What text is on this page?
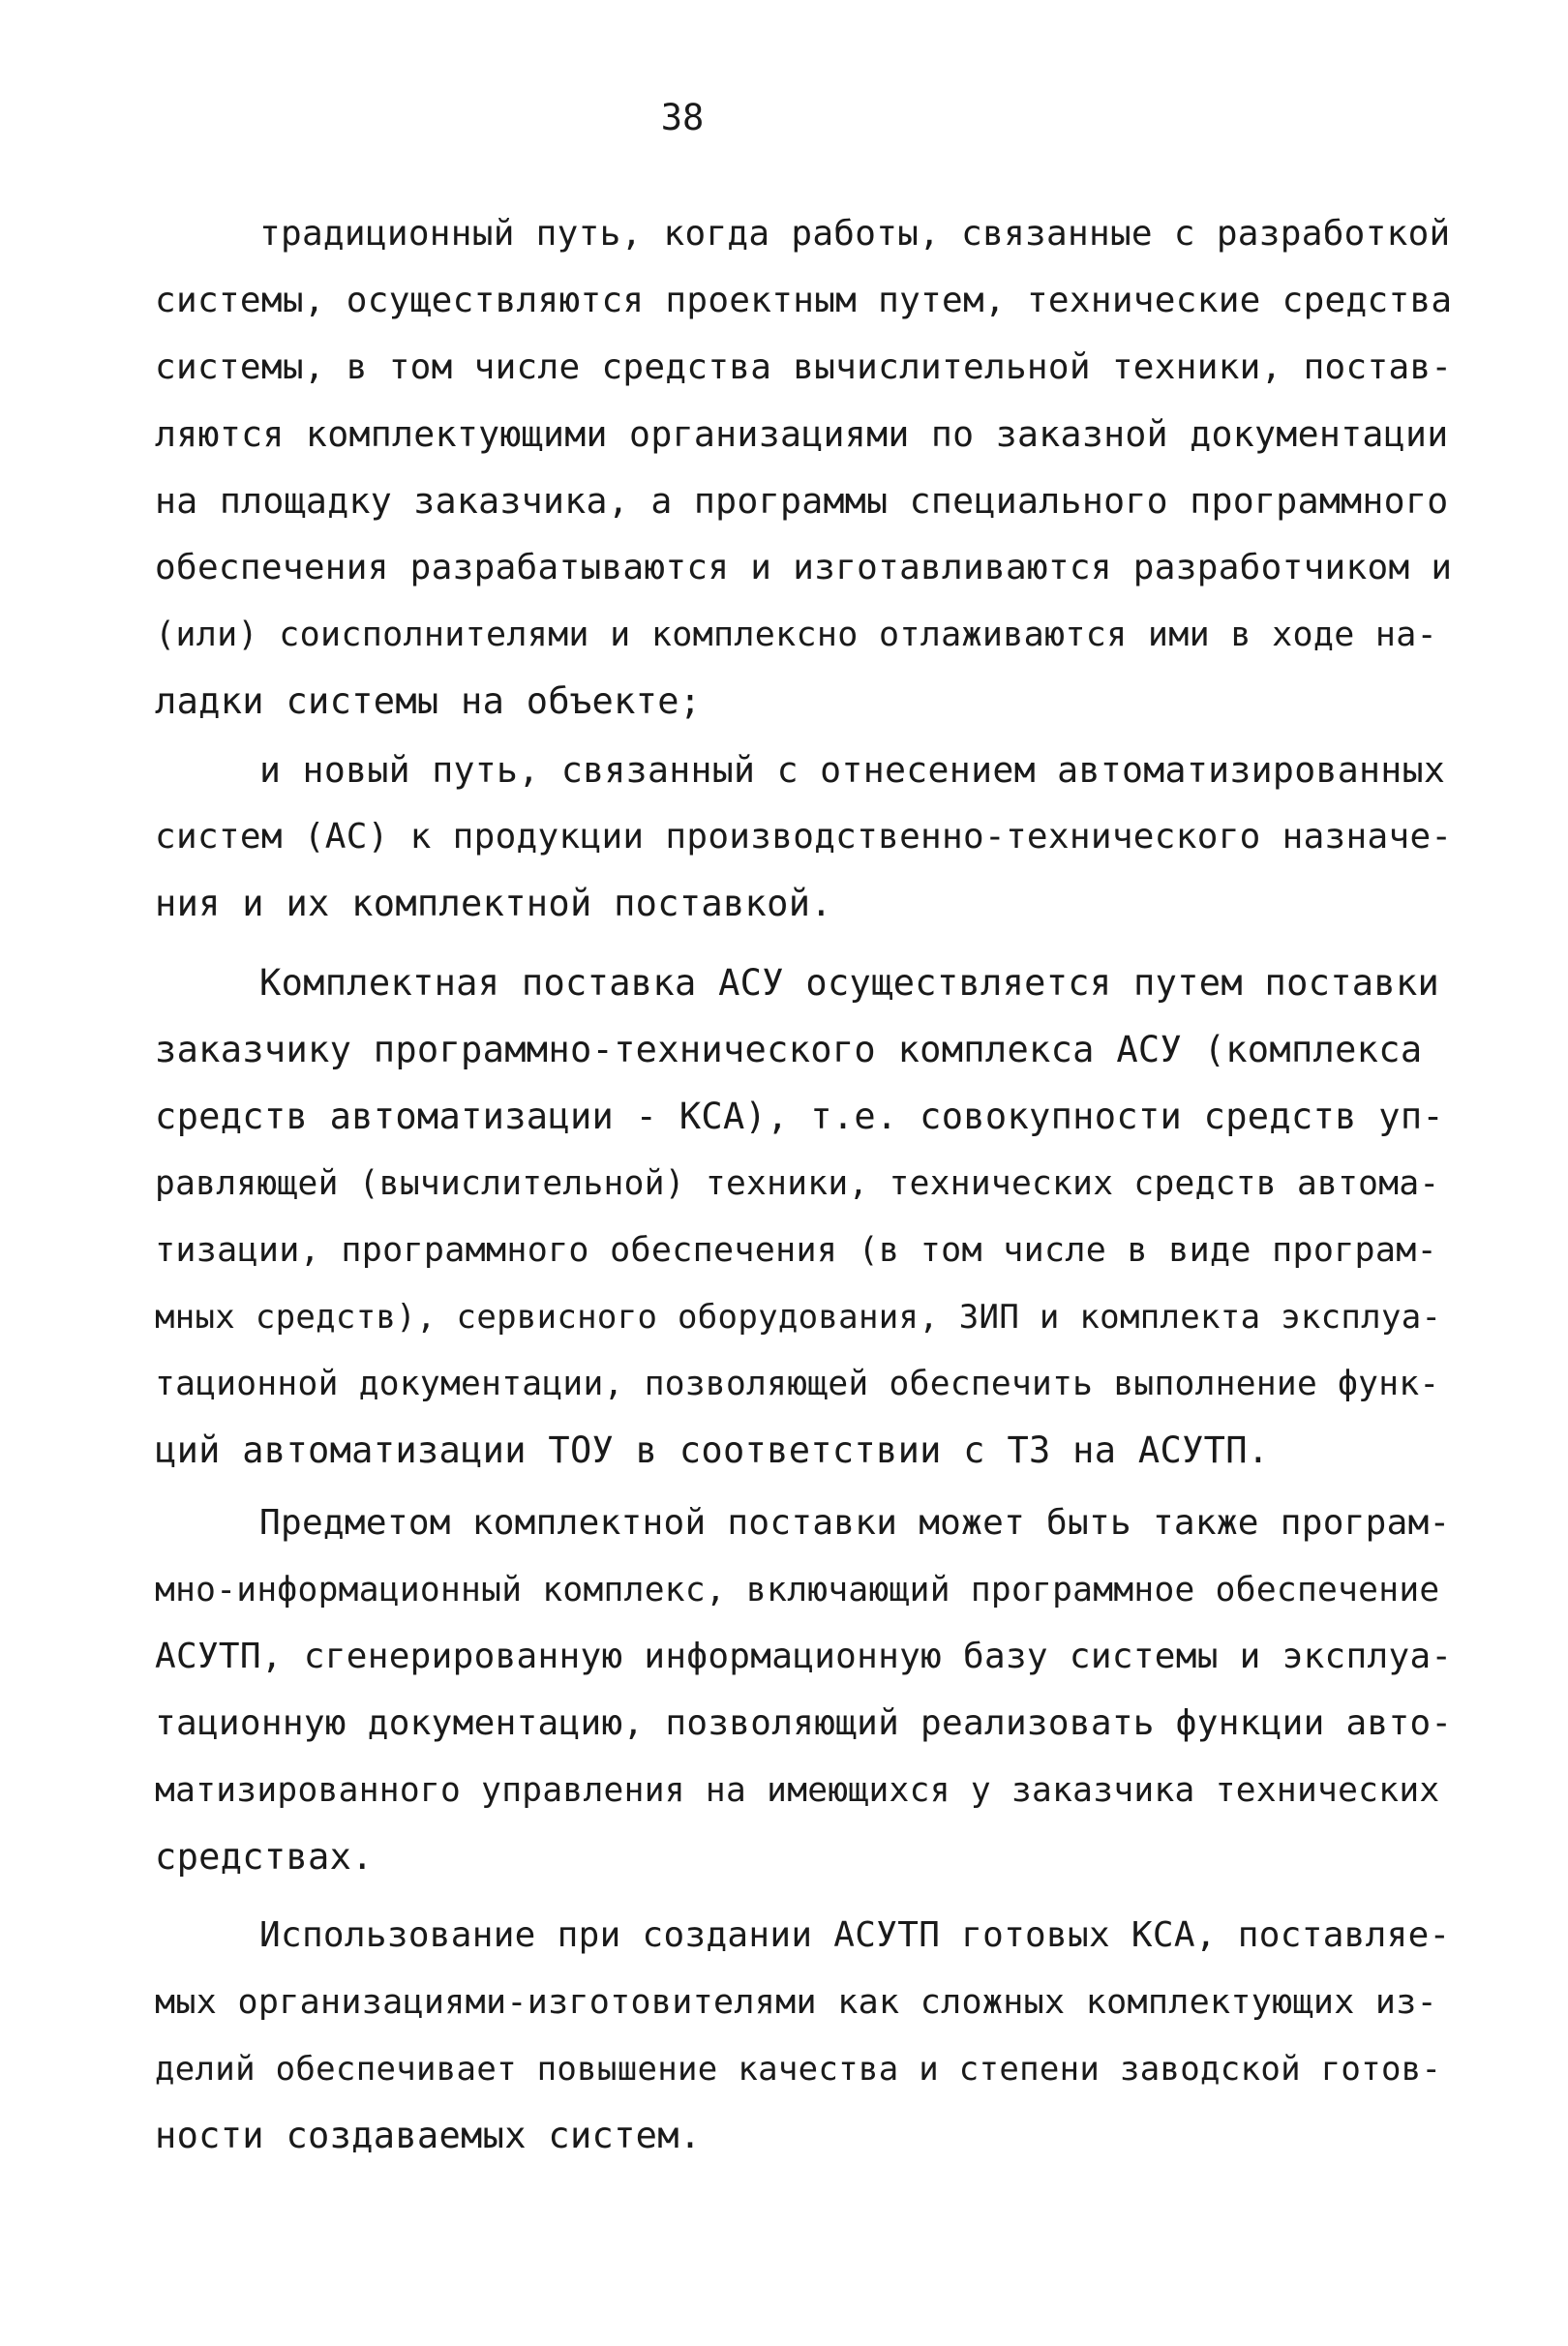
38
традиционный путь, когда работы, связанные с разработкой
системы, осуществляются проектным путем, технические средства
системы, в том числе средства вычислительной техники, постав-
ляются комплектующими организациями по заказной документации
на площадку заказчика, а программы специального программного
обеспечения разрабатываются и изготавливаются разработчиком и
(или) соисполнителями и комплексно отлаживаются ими в ходе на-
ладки системы на объекте;
и новый путь, связанный с отнесением автоматизированных
систем (АС) к продукции производственно-технического назначе-
ния и их комплектной поставкой.
Комплектная поставка АСУ осуществляется путем поставки
заказчику программно-технического комплекса АСУ (комплекса
средств автоматизации - КСА), т.е. совокупности средств уп-
равляющей (вычислительной) техники, технических средств автома-
тизации, программного обеспечения (в том числе в виде програм-
мных средств), сервисного оборудования, ЗИП и комплекта эксплуа-
тационной документации, позволяющей обеспечить выполнение функ-
ций автоматизации ТОУ в соответствии с ТЗ на АСУТП.
Предметом комплектной поставки может быть также програм-
мно-информационный комплекс, включающий программное обеспечение
АСУТП, сгенерированную информационную базу системы и эксплуа-
тационную документацию, позволяющий реализовать функции авто-
матизированного управления на имеющихся у заказчика технических
средствах.
Использование при создании АСУТП готовых КСА, поставляе-
мых организациями-изготовителями как сложных комплектующих из-
делий обеспечивает повышение качества и степени заводской готов-
ности создаваемых систем.
